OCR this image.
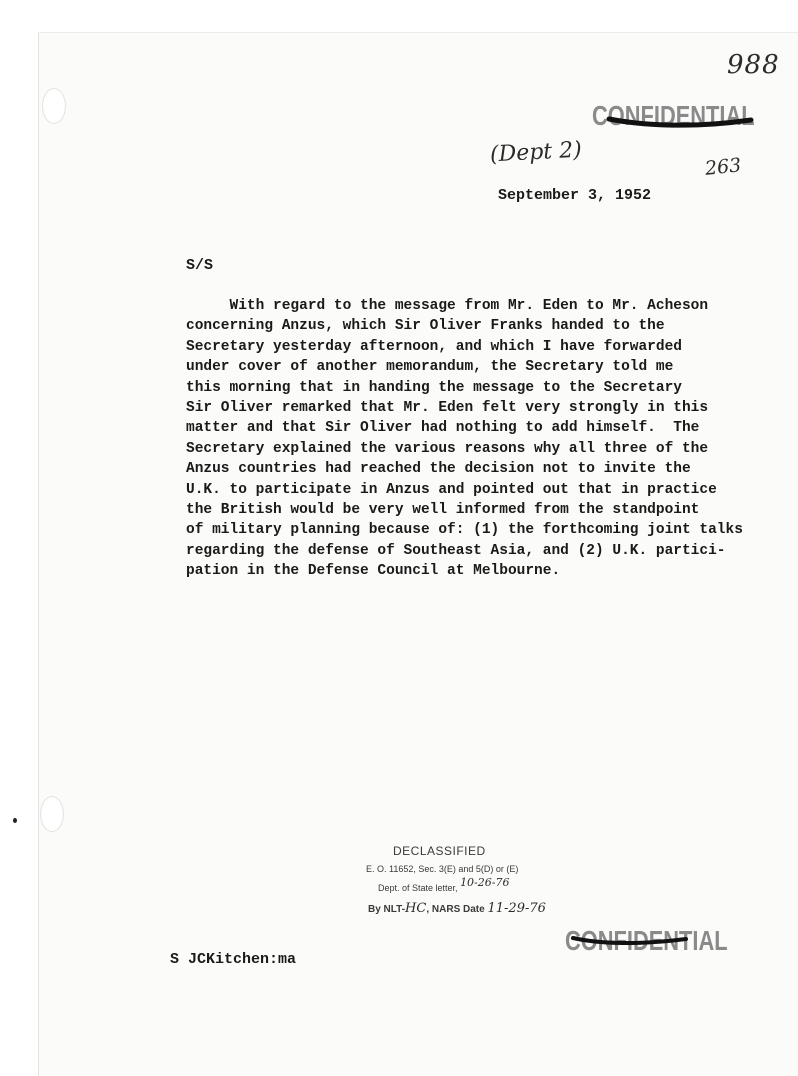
988
CONFIDENTIAL
(Dept 2)	263
September 3, 1952
S/S
With regard to the message from Mr. Eden to Mr. Acheson
concerning Anzus, which Sir Oliver Franks handed to the
Secretary yesterday afternoon, and which I have forwarded
under cover of another memorandum, the Secretary told me
this morning that in handing the message to the Secretary
Sir Oliver remarked that Mr. Eden felt very strongly in this
matter and that Sir Oliver had nothing to add himself.  The
Secretary explained the various reasons why all three of the
Anzus countries had reached the decision not to invite the
U.K. to participate in Anzus and pointed out that in practice
the British would be very well informed from the standpoint
of military planning because of: (1) the forthcoming joint talks
regarding the defense of Southeast Asia, and (2) U.K. partici-
pation in the Defense Council at Melbourne.
DECLASSIFIED
E. O. 11652, Sec. 3(E) and 5(D) or (E)
Dept. of State letter, 10-26-76
By NLT-HC, NARS Date 11-29-76
CONFIDENTIAL
S JCKitchen:ma
